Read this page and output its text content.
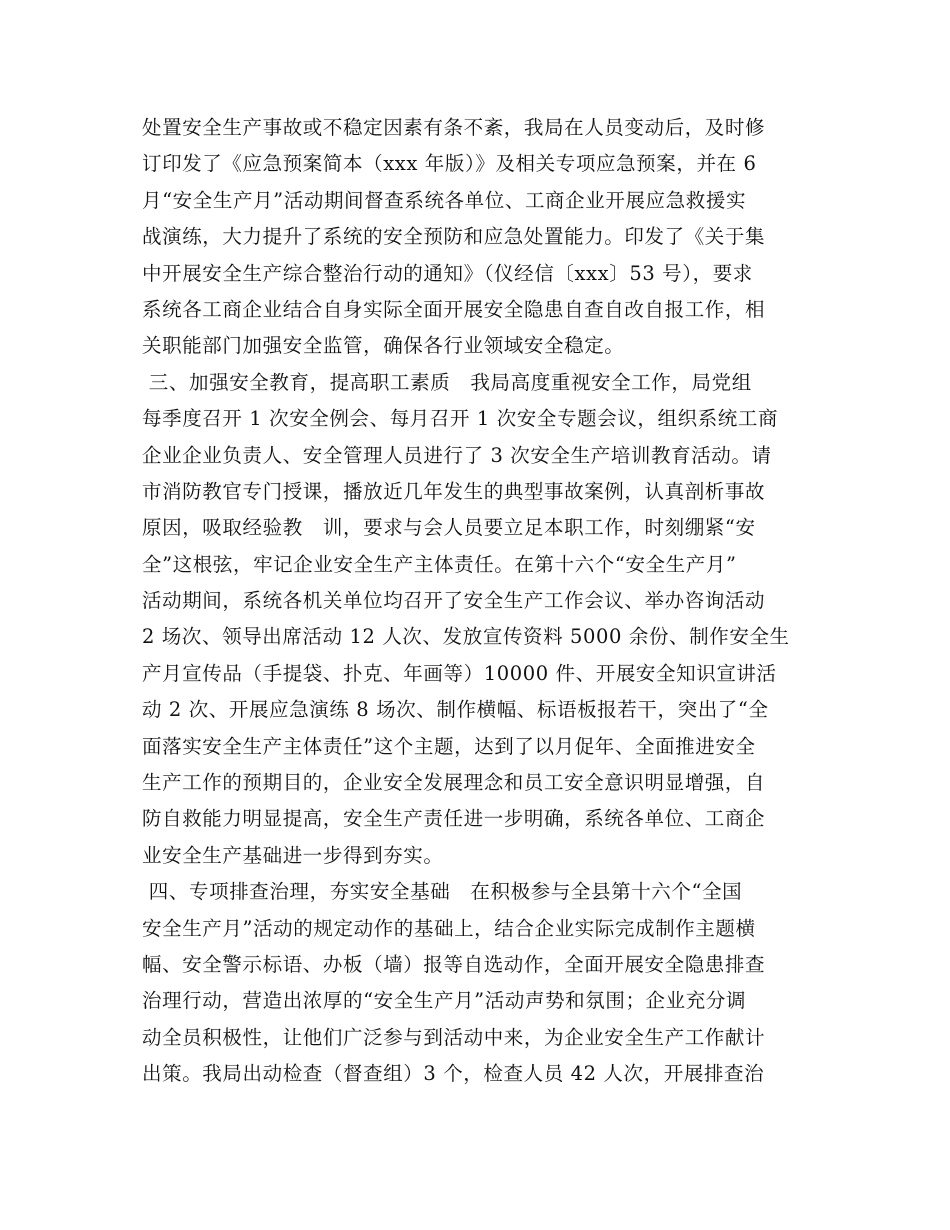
处置安全生产事故或不稳定因素有条不紊，我局在人员变动后，及时修
订印发了《应急预案简本（xxx 年版）》及相关专项应急预案，并在 6
月“安全生产月”活动期间督查系统各单位、工商企业开展应急救援实
战演练，大力提升了系统的安全预防和应急处置能力。印发了《关于集
中开展安全生产综合整治行动的通知》（仪经信〔xxx〕53 号），要求
系统各工商企业结合自身实际全面开展安全隐患自查自改自报工作，相
关职能部门加强安全监管，确保各行业领域安全稳定。
三、加强安全教育，提高职工素质　我局高度重视安全工作，局党组
每季度召开 1 次安全例会、每月召开 1 次安全专题会议，组织系统工商
企业企业负责人、安全管理人员进行了 3 次安全生产培训教育活动。请
市消防教官专门授课，播放近几年发生的典型事故案例，认真剖析事故
原因，吸取经验教　训，要求与会人员要立足本职工作，时刻绷紧“安
全”这根弦，牢记企业安全生产主体责任。在第十六个“安全生产月”
活动期间，系统各机关单位均召开了安全生产工作会议、举办咨询活动
2 场次、领导出席活动 12 人次、发放宣传资料 5000 余份、制作安全生
产月宣传品（手提袋、扑克、年画等）10000 件、开展安全知识宣讲活
动 2 次、开展应急演练 8 场次、制作横幅、标语板报若干，突出了“全
面落实安全生产主体责任”这个主题，达到了以月促年、全面推进安全
生产工作的预期目的，企业安全发展理念和员工安全意识明显增强，自
防自救能力明显提高，安全生产责任进一步明确，系统各单位、工商企
业安全生产基础进一步得到夯实。
四、专项排查治理，夯实安全基础　在积极参与全县第十六个“全国
安全生产月”活动的规定动作的基础上，结合企业实际完成制作主题横
幅、安全警示标语、办板（墙）报等自选动作，全面开展安全隐患排查
治理行动，营造出浓厚的“安全生产月”活动声势和氛围；企业充分调
动全员积极性，让他们广泛参与到活动中来，为企业安全生产工作献计
出策。我局出动检查（督查组）3 个，检查人员 42 人次，开展排查治
